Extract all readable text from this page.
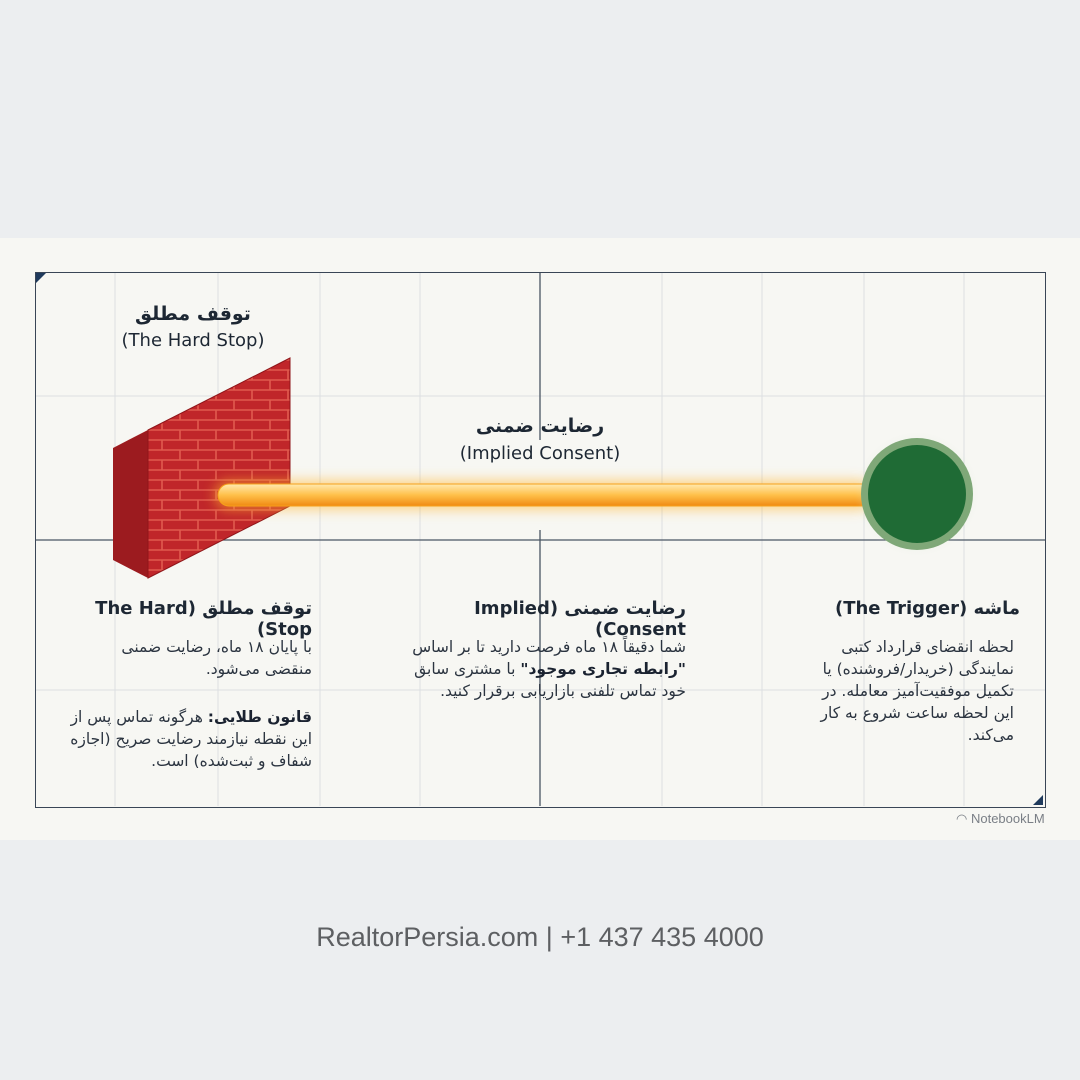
توقف مطلق
(The Hard Stop)
رضایت ضمنی
(Implied Consent)
ماشه (The Trigger)
لحظه انقضای قرارداد کتبی نمایندگی (خریدار/فروشنده) یا تکمیل موفقیت‌آمیز معامله. در این لحظه ساعت شروع به کار می‌کند.
رضایت ضمنی (Implied Consent)
شما دقیقاً ۱۸ ماه فرصت دارید تا بر اساس "رابطه تجاری موجود" با مشتری سابق خود تماس تلفنی بازاریابی برقرار کنید.
توقف مطلق (The Hard Stop)
با پایان ۱۸ ماه، رضایت ضمنی منقضی می‌شود.
قانون طلایی: هرگونه تماس پس از این نقطه نیازمند رضایت صریح (اجازه شفاف و ثبت‌شده) است.
◠ NotebookLM
RealtorPersia.com | +1 437 435 4000
